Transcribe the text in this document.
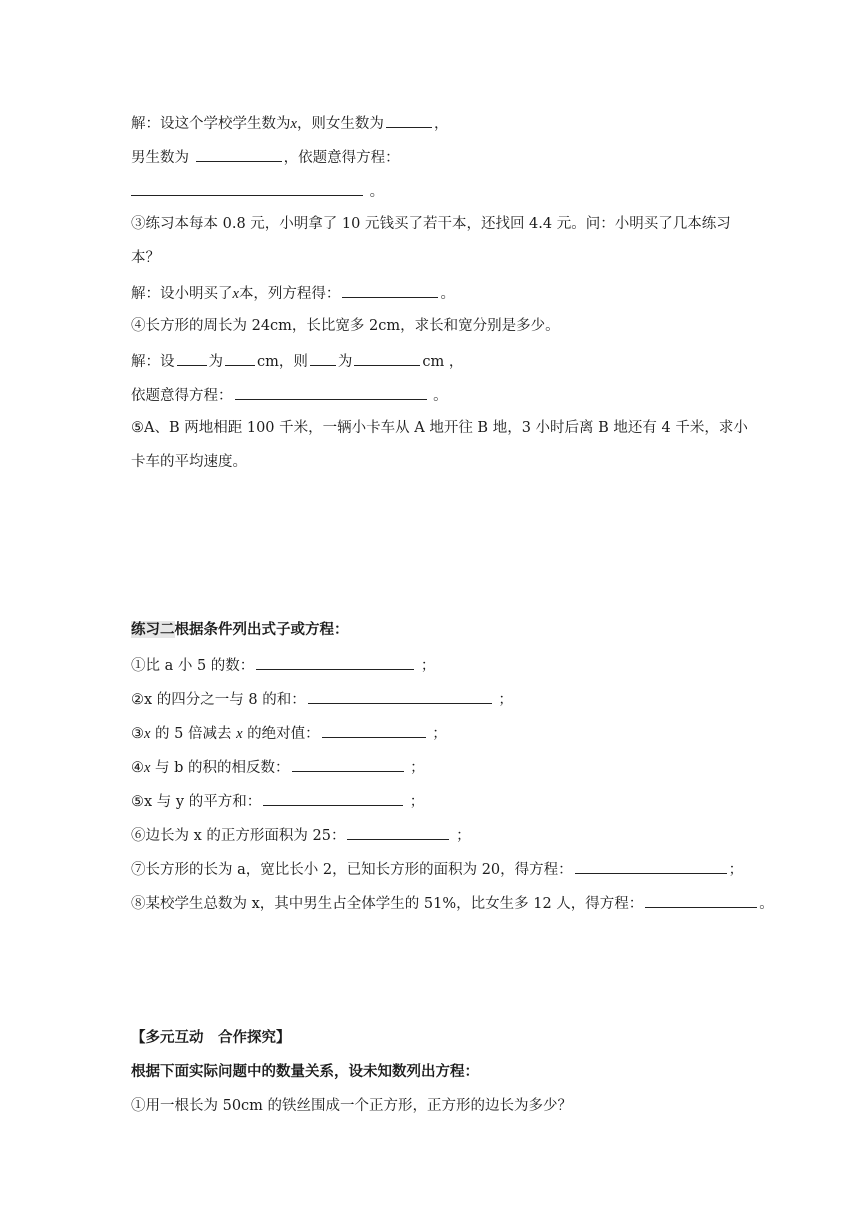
解：设这个学校学生数为x，则女生数为	，
男生数为	，依题意得方程：
。
③练习本每本 0.8 元，小明拿了 10 元钱买了若干本，还找回 4.4 元。问：小明买了几本练习
本？
解：设小明买了x本，列方程得：	。
④长方形的周长为 24cm，长比宽多 2cm，求长和宽分别是多少。
解：设 为 cm，则 为	cm ，
依题意得方程：	。
⑤A、B 两地相距 100 千米，一辆小卡车从 A 地开往 B 地，3 小时后离 B 地还有 4 千米，求小
卡车的平均速度。
练习二根据条件列出式子或方程：
①比 a 小 5 的数：	；
②x 的四分之一与 8 的和：	；
③x 的 5 倍减去 x 的绝对值：	；
④x 与 b 的积的相反数：	；
⑤x 与 y 的平方和：	；
⑥边长为 x 的正方形面积为 25：	；
⑦长方形的长为 a，宽比长小 2，已知长方形的面积为 20，得方程：	；
⑧某校学生总数为 x，其中男生占全体学生的 51%，比女生多 12 人，得方程：	。
【多元互动　合作探究】
根据下面实际问题中的数量关系，设未知数列出方程：
①用一根长为 50cm 的铁丝围成一个正方形，正方形的边长为多少？
